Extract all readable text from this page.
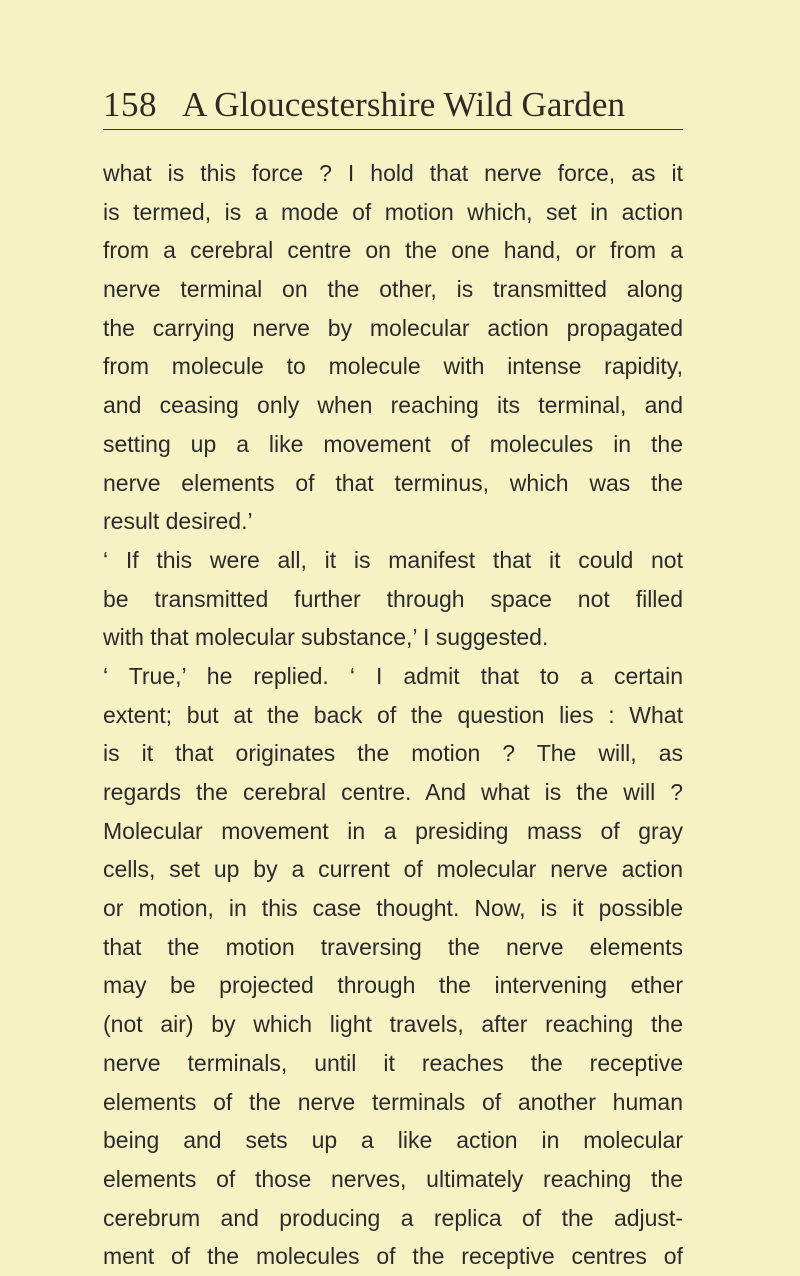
158 A Gloucestershire Wild Garden
what is this force ? I hold that nerve force, as it
is termed, is a mode of motion which, set in action
from a cerebral centre on the one hand, or from a
nerve terminal on the other, is transmitted along
the carrying nerve by molecular action propagated
from molecule to molecule with intense rapidity,
and ceasing only when reaching its terminal, and
setting up a like movement of molecules in the
nerve elements of that terminus, which was the
result desired.’
‘ If this were all, it is manifest that it could not
be transmitted further through space not filled
with that molecular substance,’ I suggested.
‘ True,’ he replied. ‘ I admit that to a certain
extent; but at the back of the question lies : What
is it that originates the motion ? The will, as
regards the cerebral centre. And what is the will ?
Molecular movement in a presiding mass of gray
cells, set up by a current of molecular nerve action
or motion, in this case thought. Now, is it possible
that the motion traversing the nerve elements
may be projected through the intervening ether
(not air) by which light travels, after reaching the
nerve terminals, until it reaches the receptive
elements of the nerve terminals of another human
being and sets up a like action in molecular
elements of those nerves, ultimately reaching the
cerebrum and producing a replica of the adjust-
ment of the molecules of the receptive centres of
